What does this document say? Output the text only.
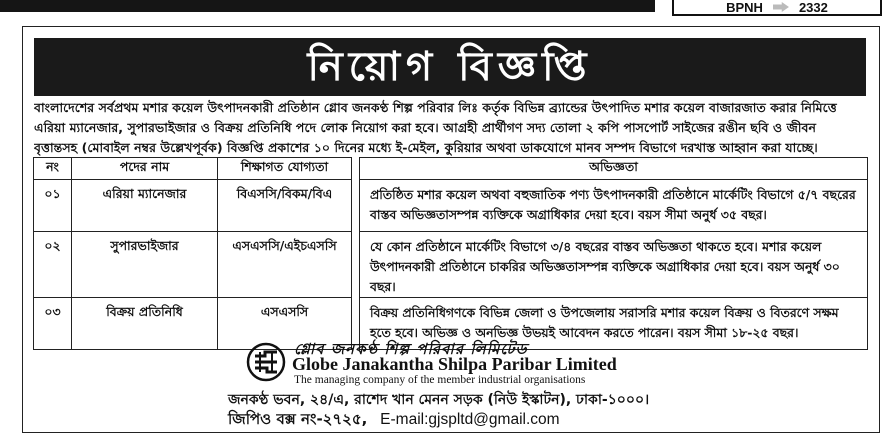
BPNH	2332
নিয়োগ বিজ্ঞপ্তি
বাংলাদেশের সর্বপ্রথম মশার কয়েল উৎপাদনকারী প্রতিষ্ঠান গ্লোব জনকণ্ঠ শিল্প পরিবার লিঃ কর্তৃক বিভিন্ন ব্র্যান্ডের উৎপাদিত মশার কয়েল বাজারজাত করার নিমিত্তে
এরিয়া ম্যানেজার, সুপারভাইজার ও বিক্রয় প্রতিনিধি পদে লোক নিয়োগ করা হবে। আগ্রহী প্রার্থীগণ সদ্য তোলা ২ কপি পাসপোর্ট সাইজের রঙীন ছবি ও জীবন
বৃত্তান্তসহ (মোবাইল নম্বর উল্লেখপূর্বক) বিজ্ঞপ্তি প্রকাশের ১০ দিনের মধ্যে ই-মেইল, কুরিয়ার অথবা ডাকযোগে মানব সম্পদ বিভাগে দরখাস্ত আহ্বান করা যাচ্ছে।
নং	পদের নাম	শিক্ষাগত যোগ্যতা		অভিজ্ঞতা
০১	এরিয়া ম্যানেজার	বিএসসি/বিকম/বিএ		প্রতিষ্ঠিত মশার কয়েল অথবা বহুজাতিক পণ্য উৎপাদনকারী প্রতিষ্ঠানে মার্কেটিং বিভাগে ৫/৭ বছরের
বাস্তব অভিজ্ঞতাসম্পন্ন ব্যক্তিকে অগ্রাধিকার দেয়া হবে। বয়স সীমা অনুর্ধ ৩৫ বছর।

০২	সুপারভাইজার	এসএসসি/এইচএসসি		যে কোন প্রতিষ্ঠানে মার্কেটিং বিভাগে ৩/৪ বছরের বাস্তব অভিজ্ঞতা থাকতে হবে। মশার কয়েল
উৎপাদনকারী প্রতিষ্ঠানে চাকরির অভিজ্ঞতাসম্পন্ন ব্যক্তিকে অগ্রাধিকার দেয়া হবে। বয়স অনুর্ধ ৩০ বছর।

০৩	বিক্রয় প্রতিনিধি	এসএসসি		বিক্রয় প্রতিনিধিগণকে বিভিন্ন জেলা ও উপজেলায় সরাসরি মশার কয়েল বিক্রয় ও বিতরণে সক্ষম
হতে হবে। অভিজ্ঞ ও অনভিজ্ঞ উভয়ই আবেদন করতে পারেন। বয়স সীমা ১৮-২৫ বছর।
গ্লোব জনকণ্ঠ শিল্প পরিবার লিমিটেড
Globe Janakantha Shilpa Paribar Limited
The managing company of the member industrial organisations
জনকণ্ঠ ভবন, ২৪/এ, রাশেদ খান মেনন সড়ক (নিউ ইস্কাটন), ঢাকা-১০০০।
জিপিও বক্স নং-২৭২৫, E-mail:gjspltd@gmail.com
